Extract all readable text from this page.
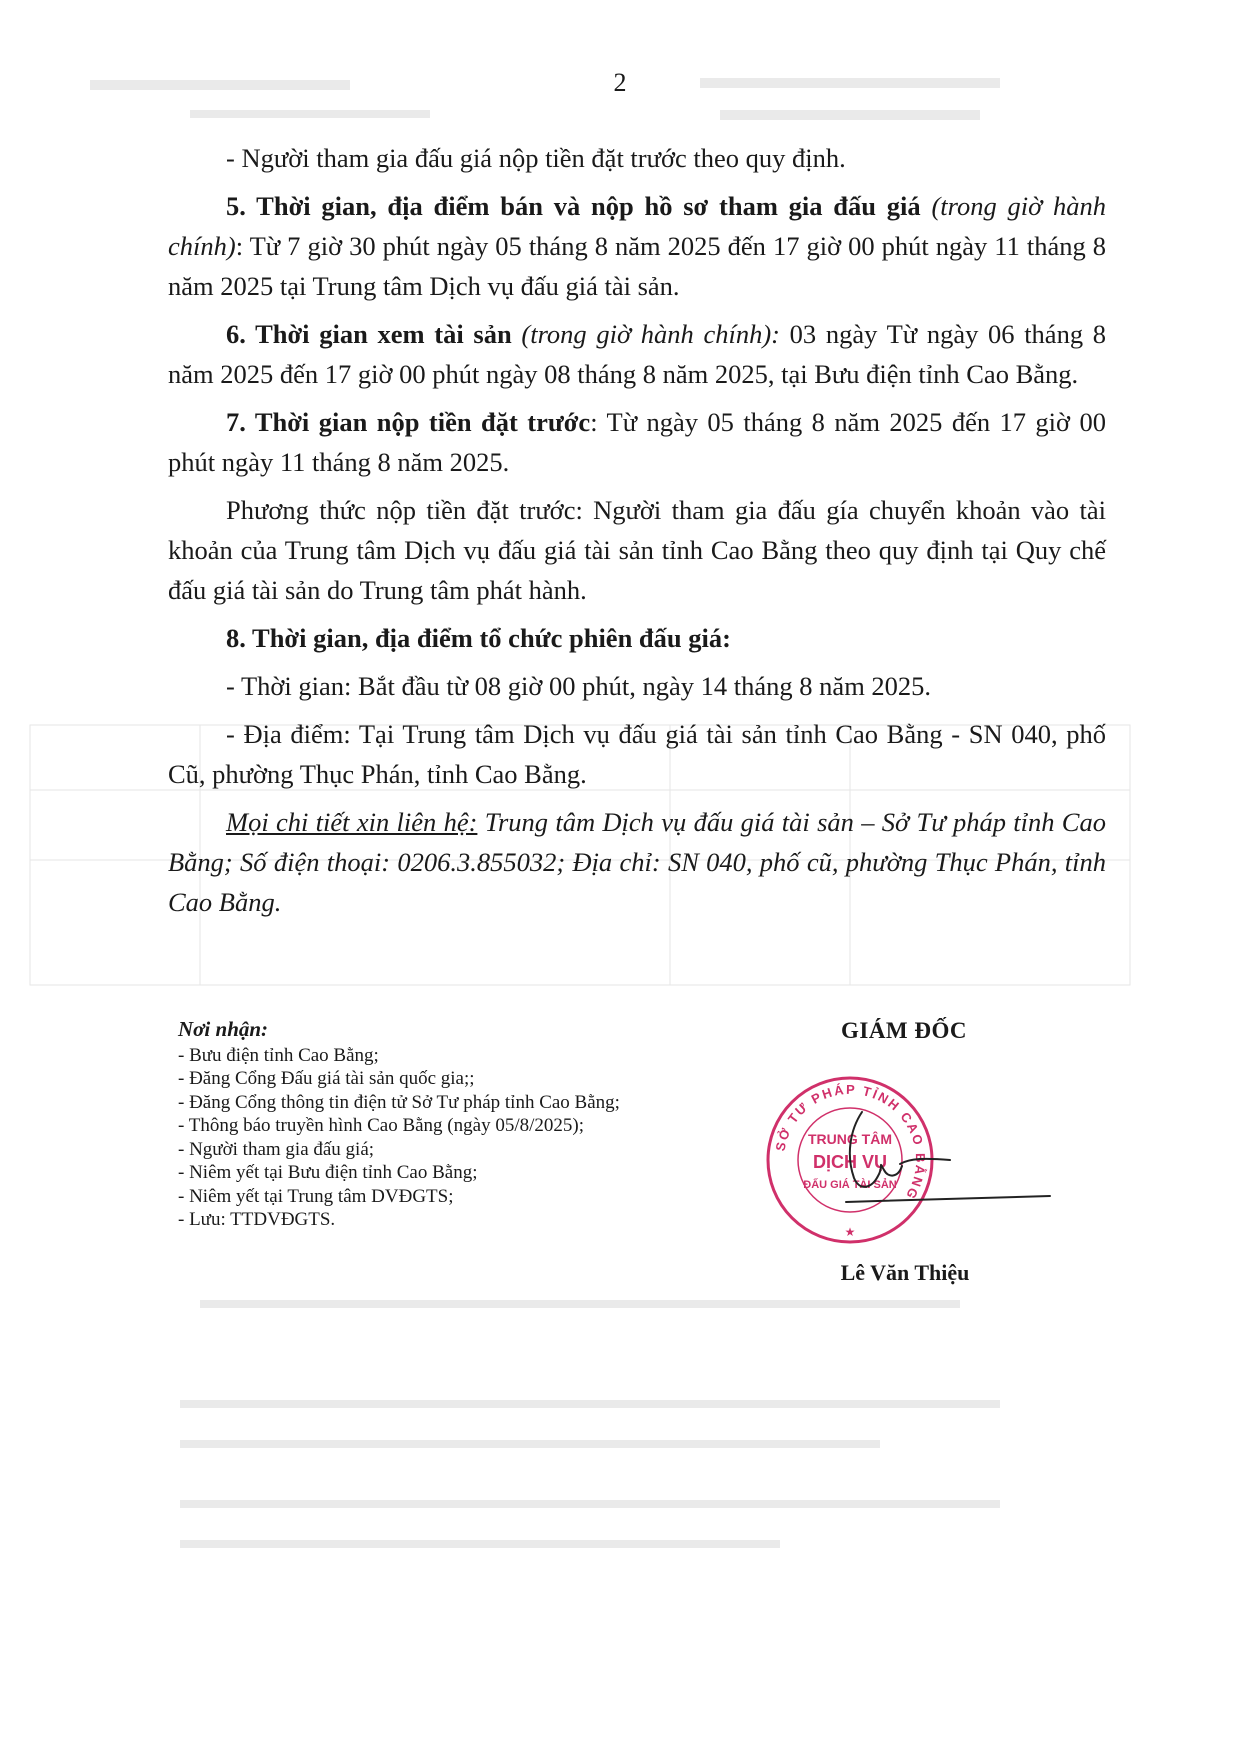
2

- Người tham gia đấu giá nộp tiền đặt trước theo quy định.

5. Thời gian, địa điểm bán và nộp hồ sơ tham gia đấu giá (trong giờ hành chính): Từ 7 giờ 30 phút ngày 05 tháng 8 năm 2025 đến 17 giờ 00 phút ngày 11 tháng 8 năm 2025 tại Trung tâm Dịch vụ đấu giá tài sản.

6. Thời gian xem tài sản (trong giờ hành chính): 03 ngày Từ ngày 06 tháng 8 năm 2025 đến 17 giờ 00 phút ngày 08 tháng 8 năm 2025, tại Bưu điện tỉnh Cao Bằng.

7. Thời gian nộp tiền đặt trước: Từ ngày 05 tháng 8 năm 2025 đến 17 giờ 00 phút ngày 11 tháng 8 năm 2025.

Phương thức nộp tiền đặt trước: Người tham gia đấu gía chuyển khoản vào tài khoản của Trung tâm Dịch vụ đấu giá tài sản tỉnh Cao Bằng theo quy định tại Quy chế đấu giá tài sản do Trung tâm phát hành.

8. Thời gian, địa điểm tổ chức phiên đấu giá:

- Thời gian: Bắt đầu từ 08 giờ 00 phút, ngày 14 tháng 8 năm 2025.

- Địa điểm: Tại Trung tâm Dịch vụ đấu giá tài sản tỉnh Cao Bằng - SN 040, phố Cũ, phường Thục Phán, tỉnh Cao Bằng.

Mọi chi tiết xin liên hệ: Trung tâm Dịch vụ đấu giá tài sản – Sở Tư pháp tỉnh Cao Bằng; Số điện thoại: 0206.3.855032; Địa chỉ: SN 040, phố cũ, phường Thục Phán, tỉnh Cao Bằng.

Nơi nhận:

- Bưu điện tỉnh Cao Bằng;

- Đăng Cổng Đấu giá tài sản quốc gia;;

- Đăng Cổng thông tin điện tử Sở Tư pháp tỉnh Cao Bằng;

- Thông báo truyền hình Cao Bằng (ngày 05/8/2025);

- Người tham gia đấu giá;

- Niêm yết tại Bưu điện tỉnh Cao Bằng;

- Niêm yết tại Trung tâm DVĐGTS;

- Lưu: TTDVĐGTS.

GIÁM ĐỐC
SỞ TƯ PHÁP TỈNH CAO BẰNG
TRUNG TÂM
DỊCH VỤ
ĐẤU GIÁ TÀI SẢN
★
Lê Văn Thiệu
